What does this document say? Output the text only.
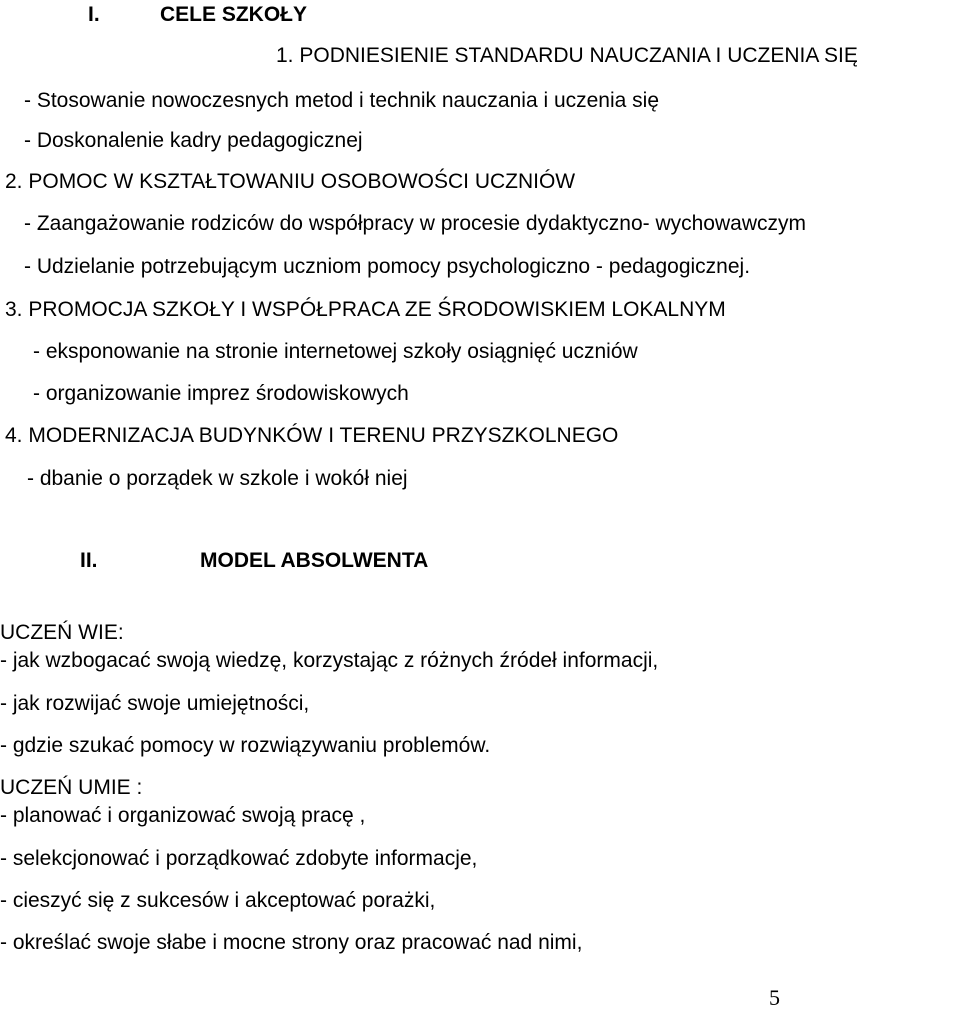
I.	CELE SZKOŁY
1. PODNIESIENIE STANDARDU NAUCZANIA I UCZENIA SIĘ
- Stosowanie nowoczesnych metod i technik nauczania i uczenia się
- Doskonalenie kadry pedagogicznej
2. POMOC W KSZTAŁTOWANIU OSOBOWOŚCI UCZNIÓW
- Zaangażowanie rodziców do współpracy w procesie dydaktyczno- wychowawczym
- Udzielanie potrzebującym uczniom pomocy psychologiczno - pedagogicznej.
3. PROMOCJA SZKOŁY I WSPÓŁPRACA ZE ŚRODOWISKIEM LOKALNYM
- eksponowanie na stronie internetowej szkoły osiągnięć uczniów
- organizowanie imprez środowiskowych
4. MODERNIZACJA BUDYNKÓW I TERENU PRZYSZKOLNEGO
- dbanie o porządek w szkole i wokół niej
II.	MODEL ABSOLWENTA
UCZEŃ WIE:
- jak wzbogacać swoją wiedzę, korzystając z różnych źródeł informacji,
- jak rozwijać swoje umiejętności,
- gdzie szukać pomocy w rozwiązywaniu problemów.
UCZEŃ UMIE :
- planować i organizować swoją pracę ,
- selekcjonować i porządkować zdobyte informacje,
- cieszyć się z sukcesów i akceptować porażki,
- określać swoje słabe i mocne strony oraz pracować nad nimi,
5
